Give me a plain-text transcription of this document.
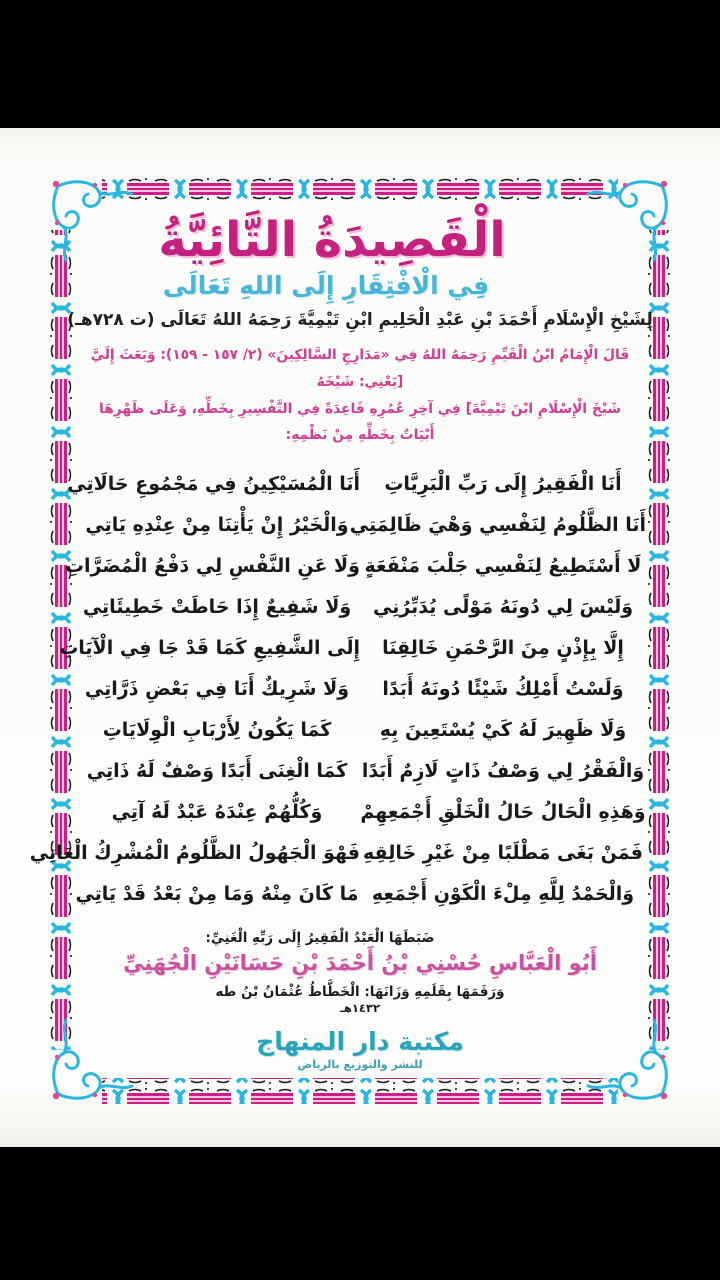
الْقَصِيدَةُ التَّائِيَّةُ
فِي الْافْتِقَارِ إِلَى اللهِ تَعَالَى
لِشَيْخِ الْإِسْلَامِ أَحْمَدَ بْنِ عَبْدِ الْحَلِيمِ ابْنِ تَيْمِيَّةَ رَحِمَهُ اللهُ تَعَالَى (ت ٧٢٨هـ)
قَالَ الْإِمَامُ ابْنُ الْقَيِّمِ رَحِمَهُ اللهُ فِي «مَدَارِجِ السَّالِكِينَ» (٢/ ١٥٧ - ١٥٩): وَبَعَثَ إِلَيَّ [يَعْنِي: شَيْخَهُ
شَيْخَ الْإِسْلَامِ ابْنَ تَيْمِيَّةَ] فِي آخِرِ عُمُرِهِ قَاعِدَةً فِي التَّفْسِيرِ بِخَطِّهِ، وَعَلَى ظَهْرِهَا أَبْيَاتٌ بِخَطِّهِ مِنْ نَظْمِهِ:
أَنَا الْفَقِيرُ إِلَى رَبِّ الْبَرِيَّاتِ
أَنَا الْمُسَيْكِينُ فِي مَجْمُوعِ حَالَاتِي
أَنَا الظَّلُومُ لِنَفْسِي وَهْيَ ظَالِمَتِي
وَالْخَيْرُ إِنْ يَأْتِنَا مِنْ عِنْدِهِ يَاتِي
لَا أَسْتَطِيعُ لِنَفْسِي جَلْبَ مَنْفَعَةٍ
وَلَا عَنِ النَّفْسِ لِي دَفْعُ الْمُضَرَّاتِ
وَلَيْسَ لِي دُونَهُ مَوْلًى يُدَبِّرُنِي
وَلَا شَفِيعٌ إِذَا حَاطَتْ خَطِيئَاتِي
إِلَّا بِإِذْنٍ مِنَ الرَّحْمَنِ خَالِقِنَا
إِلَى الشَّفِيعِ كَمَا قَدْ جَا فِي الْآيَاتِ
وَلَسْتُ أَمْلِكُ شَيْئًا دُونَهُ أَبَدًا
وَلَا شَرِيكٌ أَنَا فِي بَعْضِ ذَرَّاتِي
وَلَا ظَهِيرَ لَهُ كَيْ يُسْتَعِينَ بِهِ
كَمَا يَكُونُ لِأَرْبَابِ الْوِلَايَاتِ
وَالْفَقْرُ لِي وَصْفُ ذَاتٍ لَازِمٌ أَبَدًا
كَمَا الْغِنَى أَبَدًا وَصْفٌ لَهُ ذَاتِي
وَهَذِهِ الْحَالُ حَالُ الْخَلْقِ أَجْمَعِهِمْ
وَكُلُّهُمْ عِنْدَهُ عَبْدٌ لَهُ آتِي
فَمَنْ بَغَى مَطْلَبًا مِنْ غَيْرِ خَالِقِهِ
فَهْوَ الْجَهُولُ الظَّلُومُ الْمُشْرِكُ الْعَاتِي
وَالْحَمْدُ لِلَّهِ مِلْءَ الْكَوْنِ أَجْمَعِهِ
مَا كَانَ مِنْهُ وَمَا مِنْ بَعْدُ قَدْ يَاتِي
ضَبَطَهَا الْعَبْدُ الْفَقِيرُ إِلَى رَبِّهِ الْغَنِيِّ:
أَبُو الْعَبَّاسِ حُسْنِي بْنُ أَحْمَدَ بْنِ حَسَانَيْنِ الْجُهَنِيِّ
وَرَقَمَهَا بِقَلَمِهِ وَزَانَهَا: الْخَطَّاطُ عُثْمَانُ بْنُ طه
١٤٣٢هـ
مكتبة دار المنهاج
للنشر والتوزيع بالرياض
